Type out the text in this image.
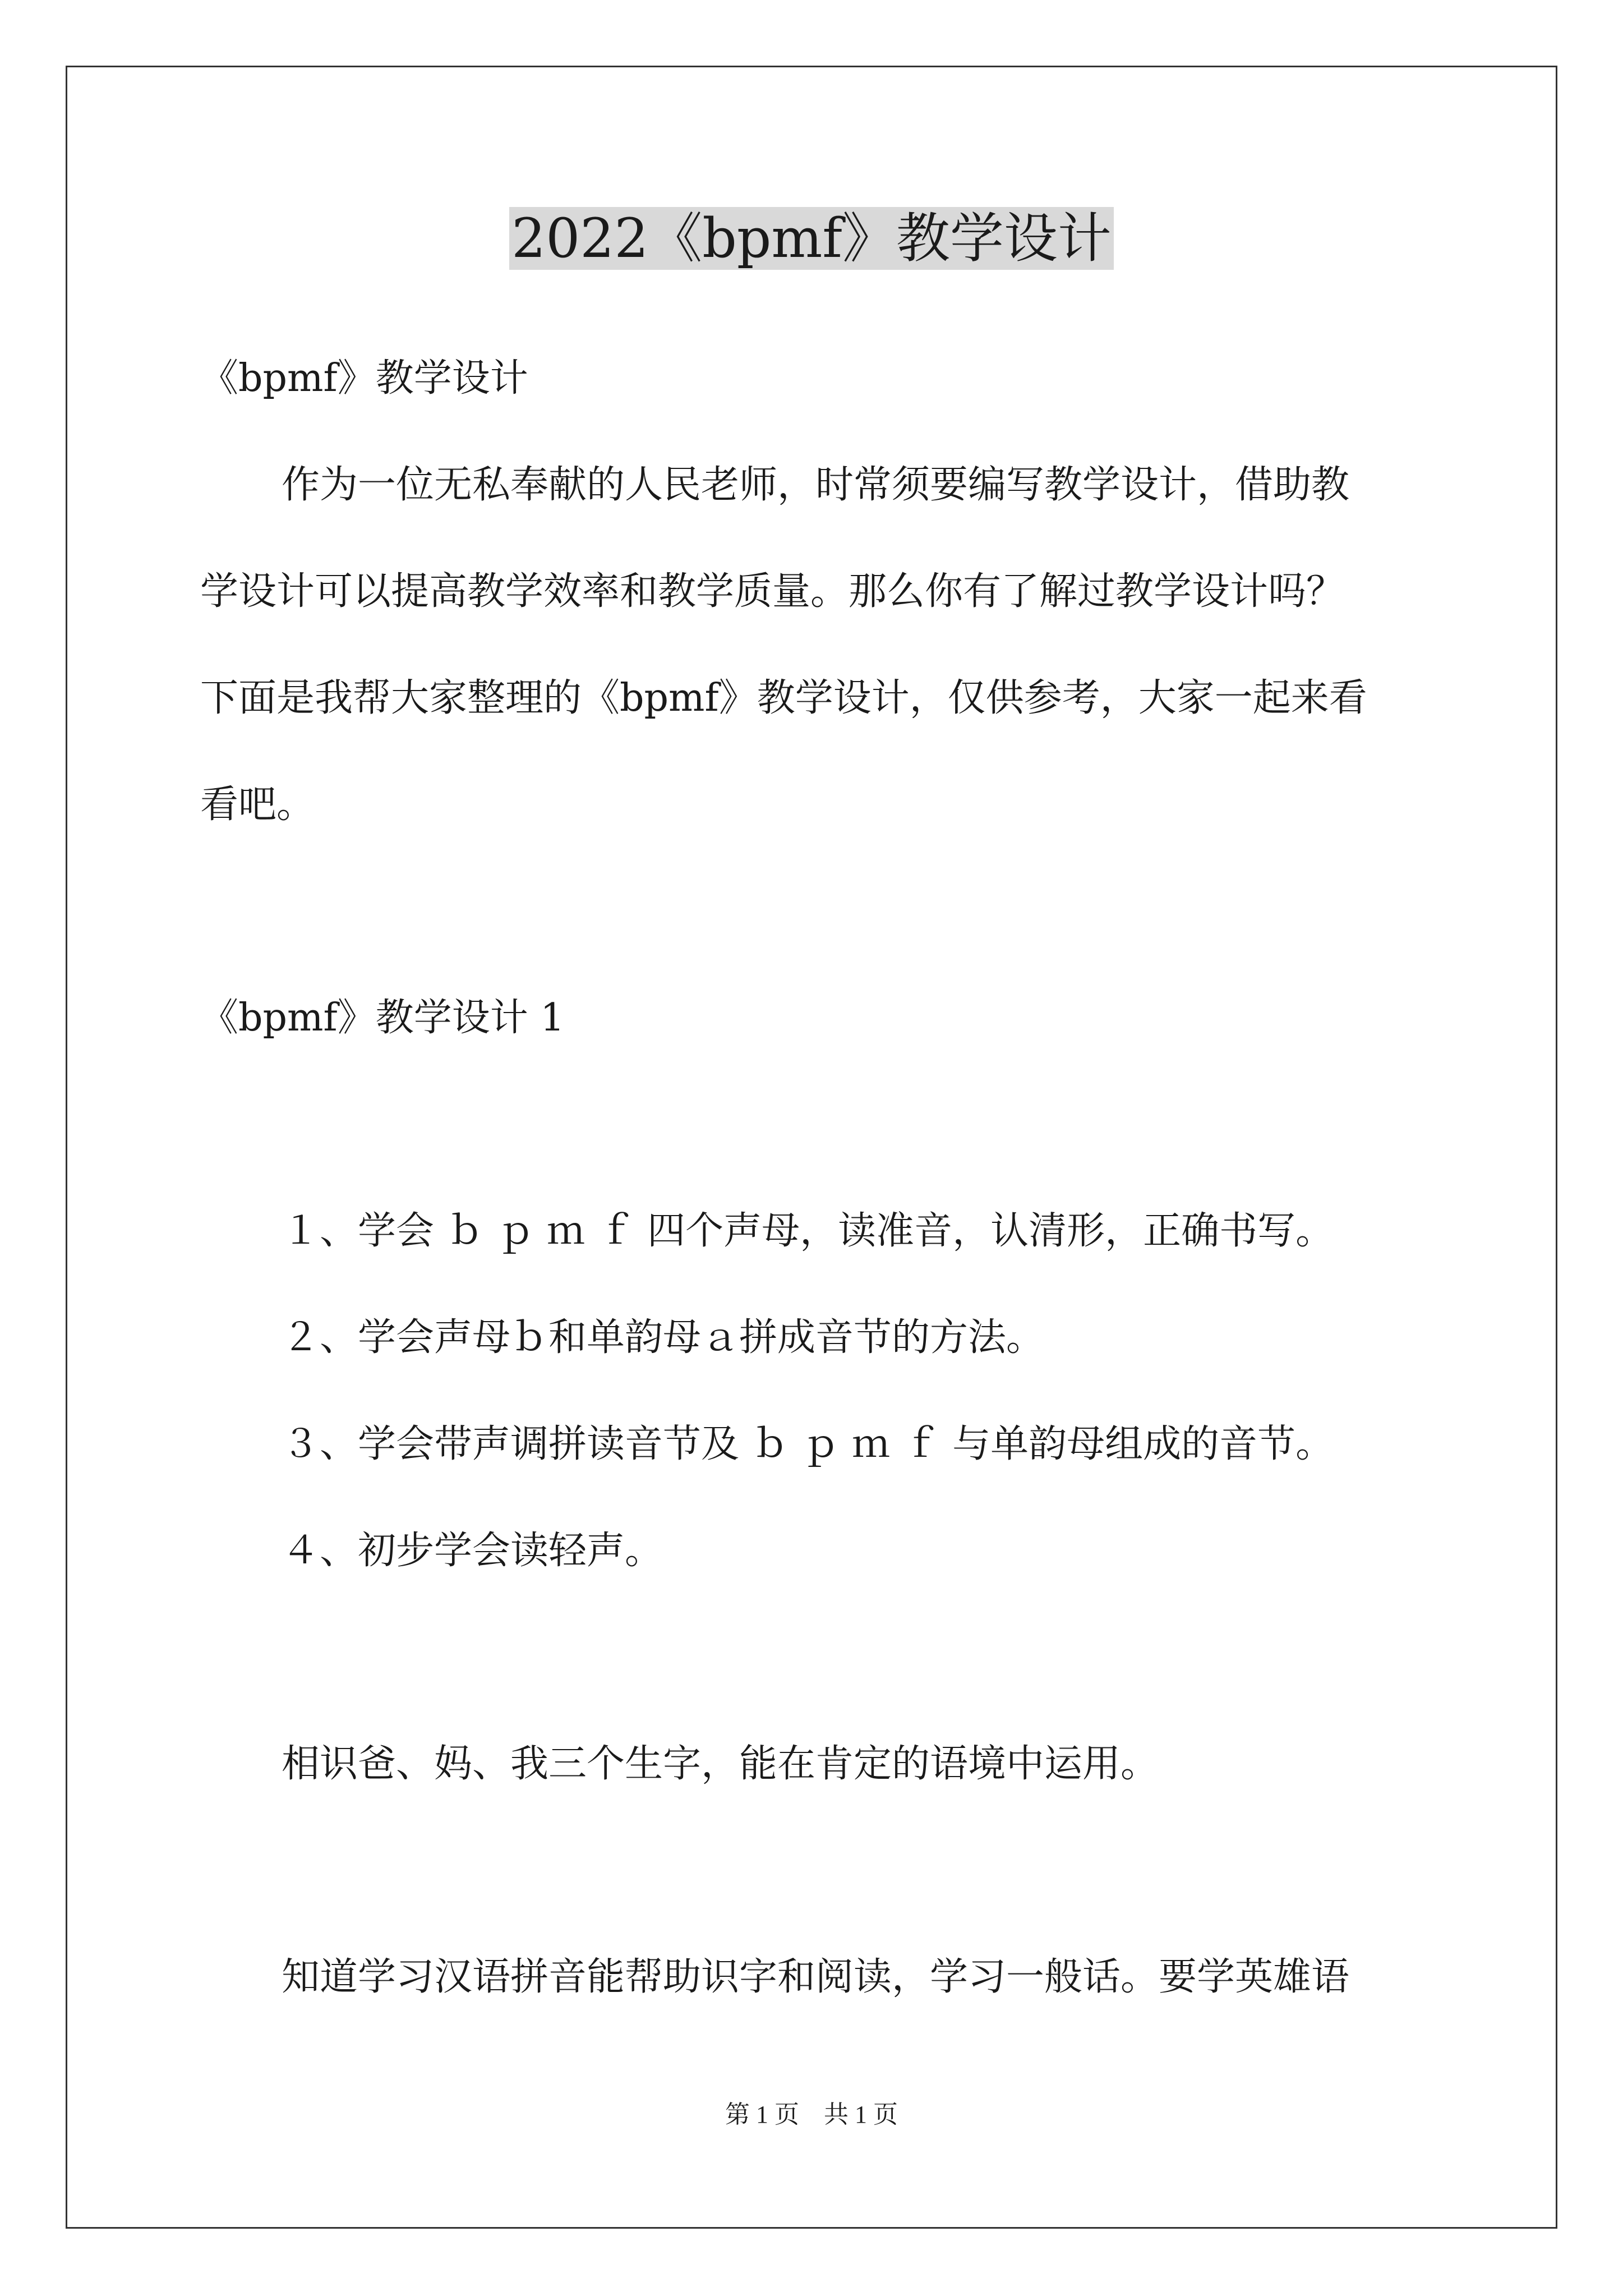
2022《bpmf》教学设计
《bpmf》教学设计
作为一位无私奉献的人民老师，时常须要编写教学设计，借助教
学设计可以提高教学效率和教学质量。那么你有了解过教学设计吗？
下面是我帮大家整理的《bpmf》教学设计，仅供参考，大家一起来看
看吧。
《bpmf》教学设计 1
１、学会 ｂ ｐ ｍ ｆ 四个声母，读准音，认清形，正确书写。
２、学会声母ｂ和单韵母ａ拼成音节的方法。
３、学会带声调拼读音节及 ｂ ｐ ｍ ｆ 与单韵母组成的音节。
４、初步学会读轻声。
相识爸、妈、我三个生字，能在肯定的语境中运用。
知道学习汉语拼音能帮助识字和阅读，学习一般话。要学英雄语
第 1 页　共 1 页
